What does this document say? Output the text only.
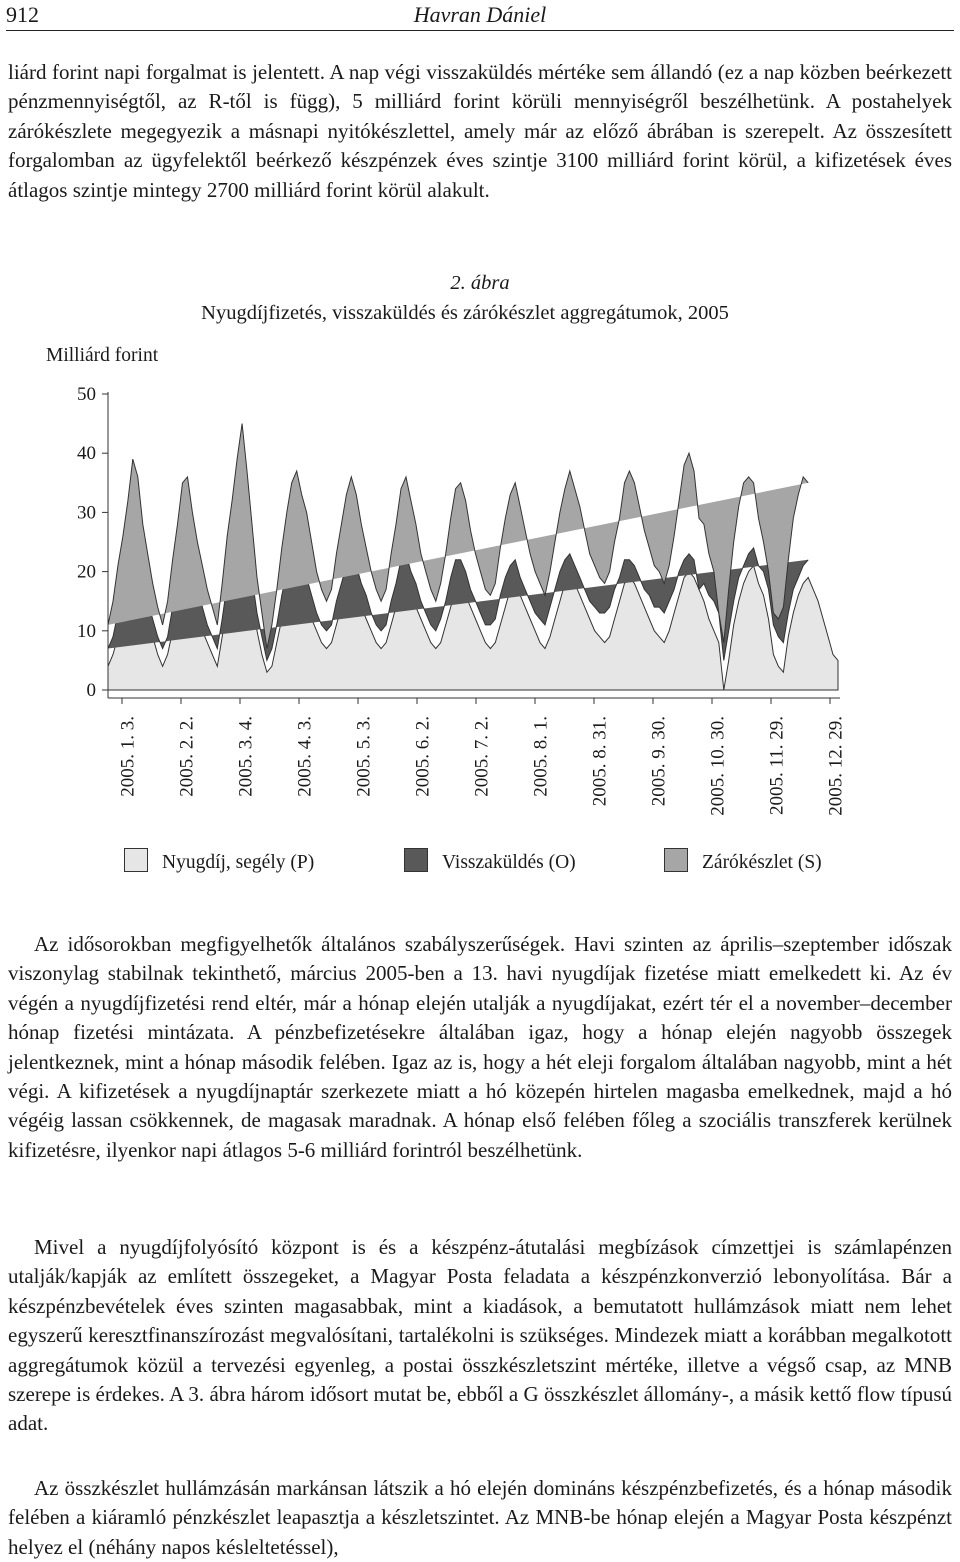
912	Havran Dániel
liárd forint napi forgalmat is jelentett. A nap végi visszaküldés mértéke sem állandó (ez a nap közben beérkezett pénzmennyiségtől, az R-től is függ), 5 milliárd forint körüli mennyiségről beszélhetünk. A postahelyek zárókészlete megegyezik a másnapi nyitókészlettel, amely már az előző ábrában is szerepelt. Az összesített forgalomban az ügyfelektől beérkező készpénzek éves szintje 3100 milliárd forint körül, a kifizetések éves átlagos szintje mintegy 2700 milliárd forint körül alakult.
2. ábra
Nyugdíjfizetés, visszaküldés és zárókészlet aggregátumok, 2005
Milliárd forint
0
10
20
30
40
50
2005. 1. 3. 2005. 2. 2. 2005. 3. 4. 2005. 4. 3. 2005. 5. 3. 2005. 6. 2. 2005. 7. 2. 2005. 8. 1. 2005. 8. 31. 2005. 9. 30. 2005. 10. 30. 2005. 11. 29. 2005. 12. 29.
Nyugdíj, segély (P)	Visszaküldés (O)	Zárókészlet (S)
Az idősorokban megfigyelhetők általános szabályszerűségek. Havi szinten az április–szeptember időszak viszonylag stabilnak tekinthető, március 2005-ben a 13. havi nyugdíjak fizetése miatt emelkedett ki. Az év végén a nyugdíjfizetési rend eltér, már a hónap elején utalják a nyugdíjakat, ezért tér el a november–december hónap fizetési mintázata. A pénzbefizetésekre általában igaz, hogy a hónap elején nagyobb összegek jelentkeznek, mint a hónap második felében. Igaz az is, hogy a hét eleji forgalom általában nagyobb, mint a hét végi. A kifizetések a nyugdíjnaptár szerkezete miatt a hó közepén hirtelen magasba emelkednek, majd a hó végéig lassan csökkennek, de magasak maradnak. A hónap első felében főleg a szociális transzferek kerülnek kifizetésre, ilyenkor napi átlagos 5-6 milliárd forintról beszélhetünk.
Mivel a nyugdíjfolyósító központ is és a készpénz-átutalási megbízások címzettjei is számlapénzen utalják/kapják az említett összegeket, a Magyar Posta feladata a készpénzkonverzió lebonyolítása. Bár a készpénzbevételek éves szinten magasabbak, mint a kiadások, a bemutatott hullámzások miatt nem lehet egyszerű keresztfinanszírozást megvalósítani, tartalékolni is szükséges. Mindezek miatt a korábban megalkotott aggregátumok közül a tervezési egyenleg, a postai összkészletszint mértéke, illetve a végső csap, az MNB szerepe is érdekes. A 3. ábra három idősort mutat be, ebből a G összkészlet állomány-, a másik kettő flow típusú adat.
Az összkészlet hullámzásán markánsan látszik a hó elején domináns készpénzbefizetés, és a hónap második felében a kiáramló pénzkészlet leapasztja a készletszintet. Az MNB-be hónap elején a Magyar Posta készpénzt helyez el (néhány napos késleltetéssel),
